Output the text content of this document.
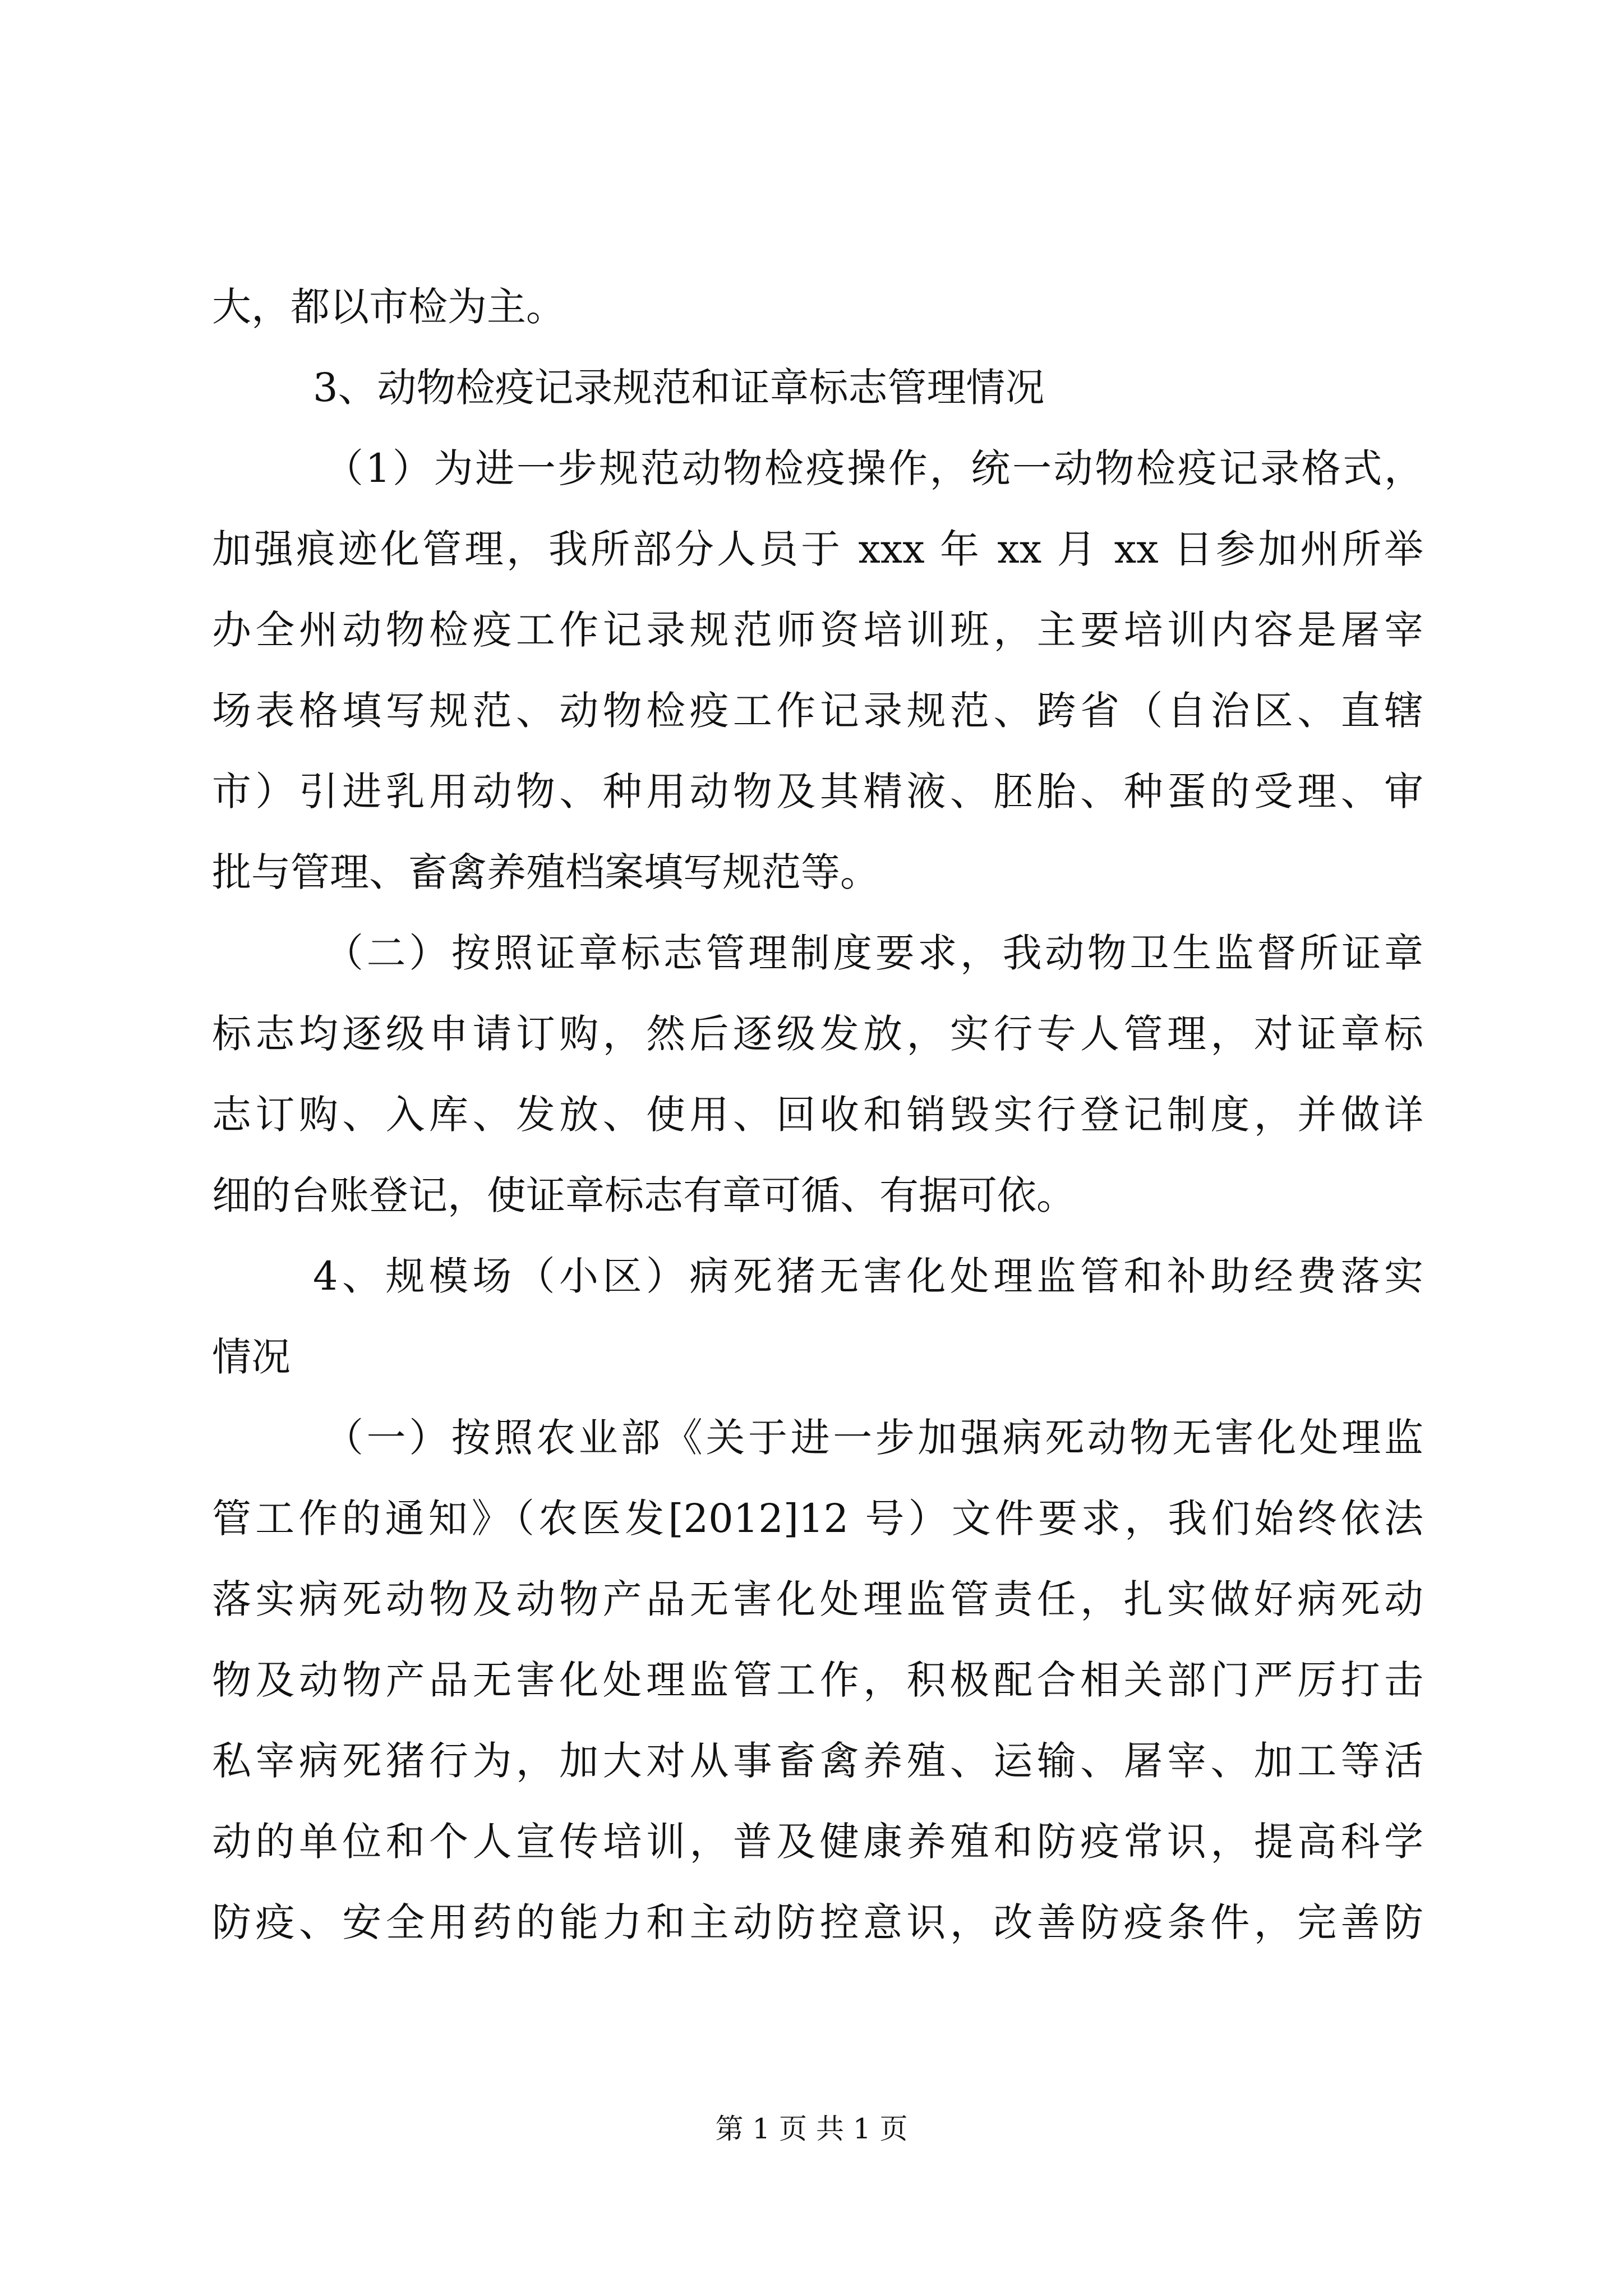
大，都以市检为主。
3、动物检疫记录规范和证章标志管理情况
（1）为进一步规范动物检疫操作，统一动物检疫记录格式，
加强痕迹化管理，我所部分人员于 xxx 年 xx 月 xx 日参加州所举
办全州动物检疫工作记录规范师资培训班，主要培训内容是屠宰
场表格填写规范、动物检疫工作记录规范、跨省（自治区、直辖
市）引进乳用动物、种用动物及其精液、胚胎、种蛋的受理、审
批与管理、畜禽养殖档案填写规范等。
（二）按照证章标志管理制度要求，我动物卫生监督所证章
标志均逐级申请订购，然后逐级发放，实行专人管理，对证章标
志订购、入库、发放、使用、回收和销毁实行登记制度，并做详
细的台账登记，使证章标志有章可循、有据可依。
4、规模场（小区）病死猪无害化处理监管和补助经费落实
情况
（一）按照农业部《关于进一步加强病死动物无害化处理监
管工作的通知》（农医发[2012]12 号）文件要求，我们始终依法
落实病死动物及动物产品无害化处理监管责任，扎实做好病死动
物及动物产品无害化处理监管工作，积极配合相关部门严厉打击
私宰病死猪行为，加大对从事畜禽养殖、运输、屠宰、加工等活
动的单位和个人宣传培训，普及健康养殖和防疫常识，提高科学
防疫、安全用药的能力和主动防控意识，改善防疫条件，完善防
第 1 页 共 1 页
